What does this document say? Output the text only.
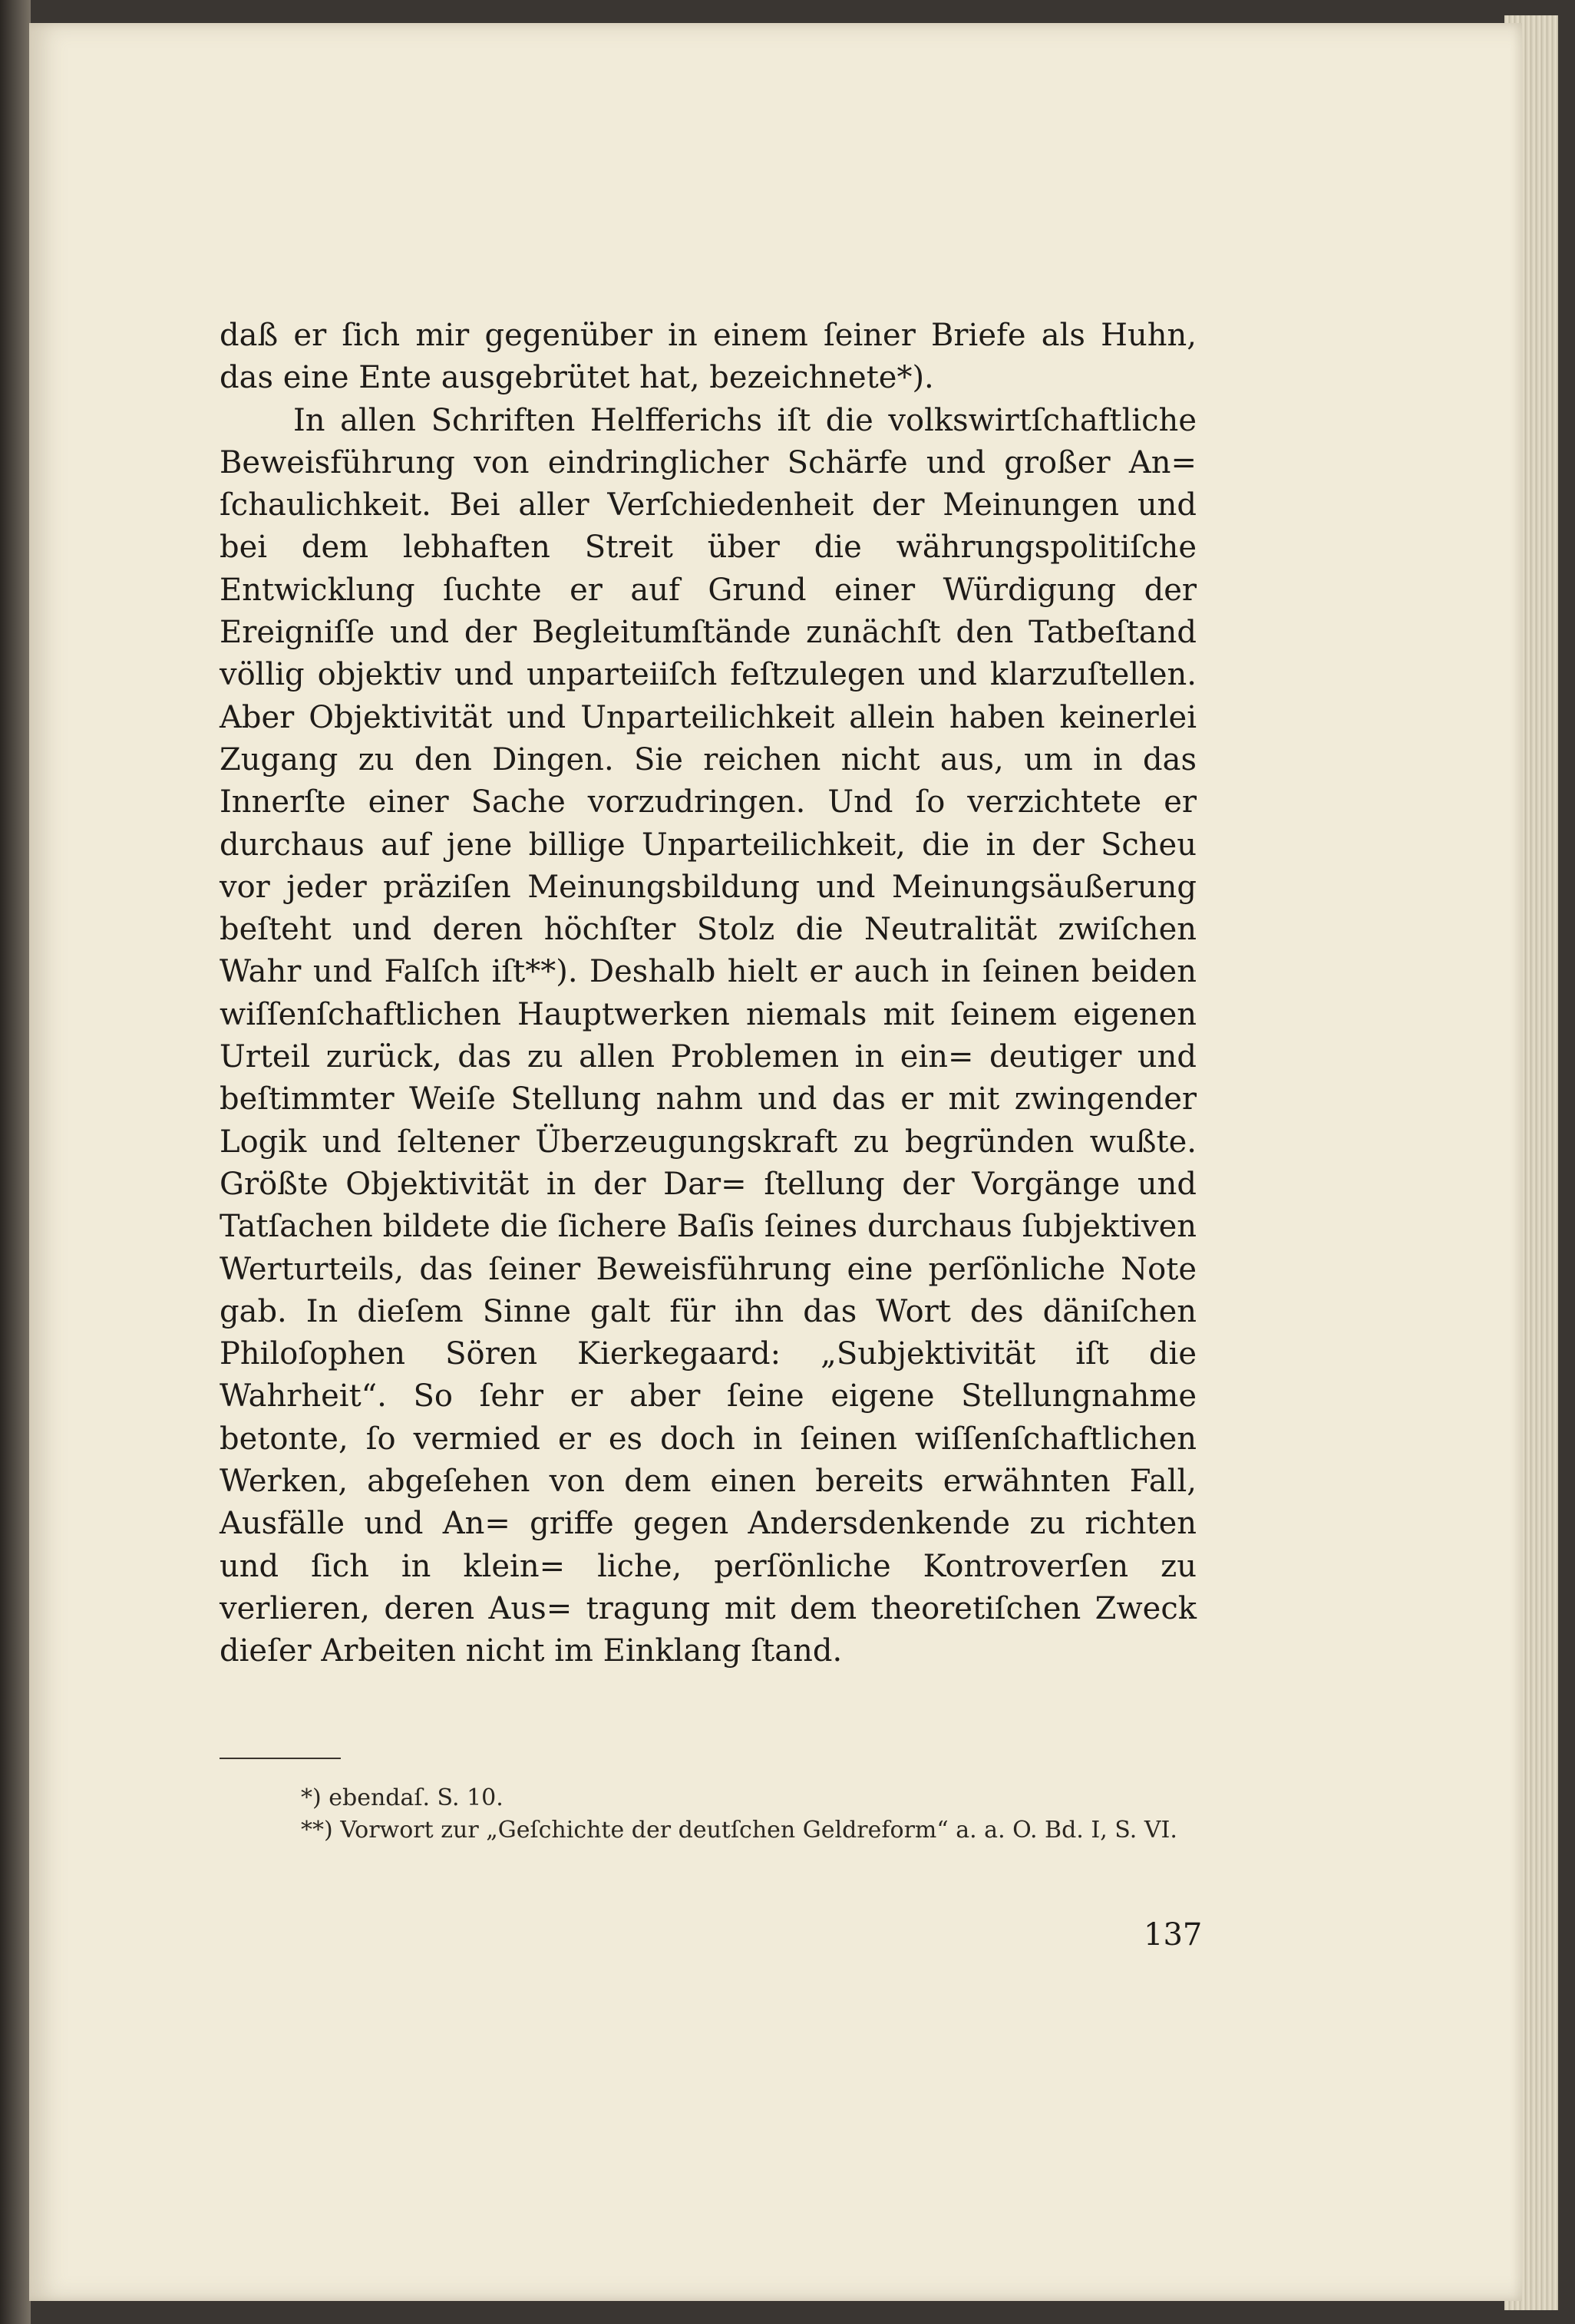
daß er ſich mir gegenüber in einem ſeiner Briefe als Huhn, das eine Ente ausgebrütet hat, bezeichnete*).

In allen Schriften Helfferichs iſt die volkswirtſchaftliche Beweisführung von eindringlicher Schärfe und großer An= ſchaulichkeit. Bei aller Verſchiedenheit der Meinungen und bei dem lebhaften Streit über die währungspolitiſche Entwicklung ſuchte er auf Grund einer Würdigung der Ereigniſſe und der Begleitumſtände zunächſt den Tatbeſtand völlig objektiv und unparteiiſch feſtzulegen und klarzuſtellen. Aber Objektivität und Unparteilichkeit allein haben keinerlei Zugang zu den Dingen. Sie reichen nicht aus, um in das Innerſte einer Sache vorzudringen. Und ſo verzichtete er durchaus auf jene billige Unparteilichkeit, die in der Scheu vor jeder präziſen Meinungsbildung und Meinungsäußerung beſteht und deren höchſter Stolz die Neutralität zwiſchen Wahr und Falſch iſt**). Deshalb hielt er auch in ſeinen beiden wiſſenſchaftlichen Hauptwerken niemals mit ſeinem eigenen Urteil zurück, das zu allen Problemen in ein= deutiger und beſtimmter Weiſe Stellung nahm und das er mit zwingender Logik und ſeltener Überzeugungskraft zu begründen wußte. Größte Objektivität in der Dar= ſtellung der Vorgänge und Tatſachen bildete die ſichere Baſis ſeines durchaus ſubjektiven Werturteils, das ſeiner Beweisführung eine perſönliche Note gab. In dieſem Sinne galt für ihn das Wort des däniſchen Philoſophen Sören Kierkegaard: „Subjektivität iſt die Wahrheit“. So ſehr er aber ſeine eigene Stellungnahme betonte, ſo vermied er es doch in ſeinen wiſſenſchaftlichen Werken, abgeſehen von dem einen bereits erwähnten Fall, Ausfälle und An= griffe gegen Andersdenkende zu richten und ſich in klein= liche, perſönliche Kontroverſen zu verlieren, deren Aus= tragung mit dem theoretiſchen Zweck dieſer Arbeiten nicht im Einklang ſtand.

*) ebendaſ. S. 10.

**) Vorwort zur „Geſchichte der deutſchen Geldreform“ a. a. O. Bd. I, S. VI.

137
